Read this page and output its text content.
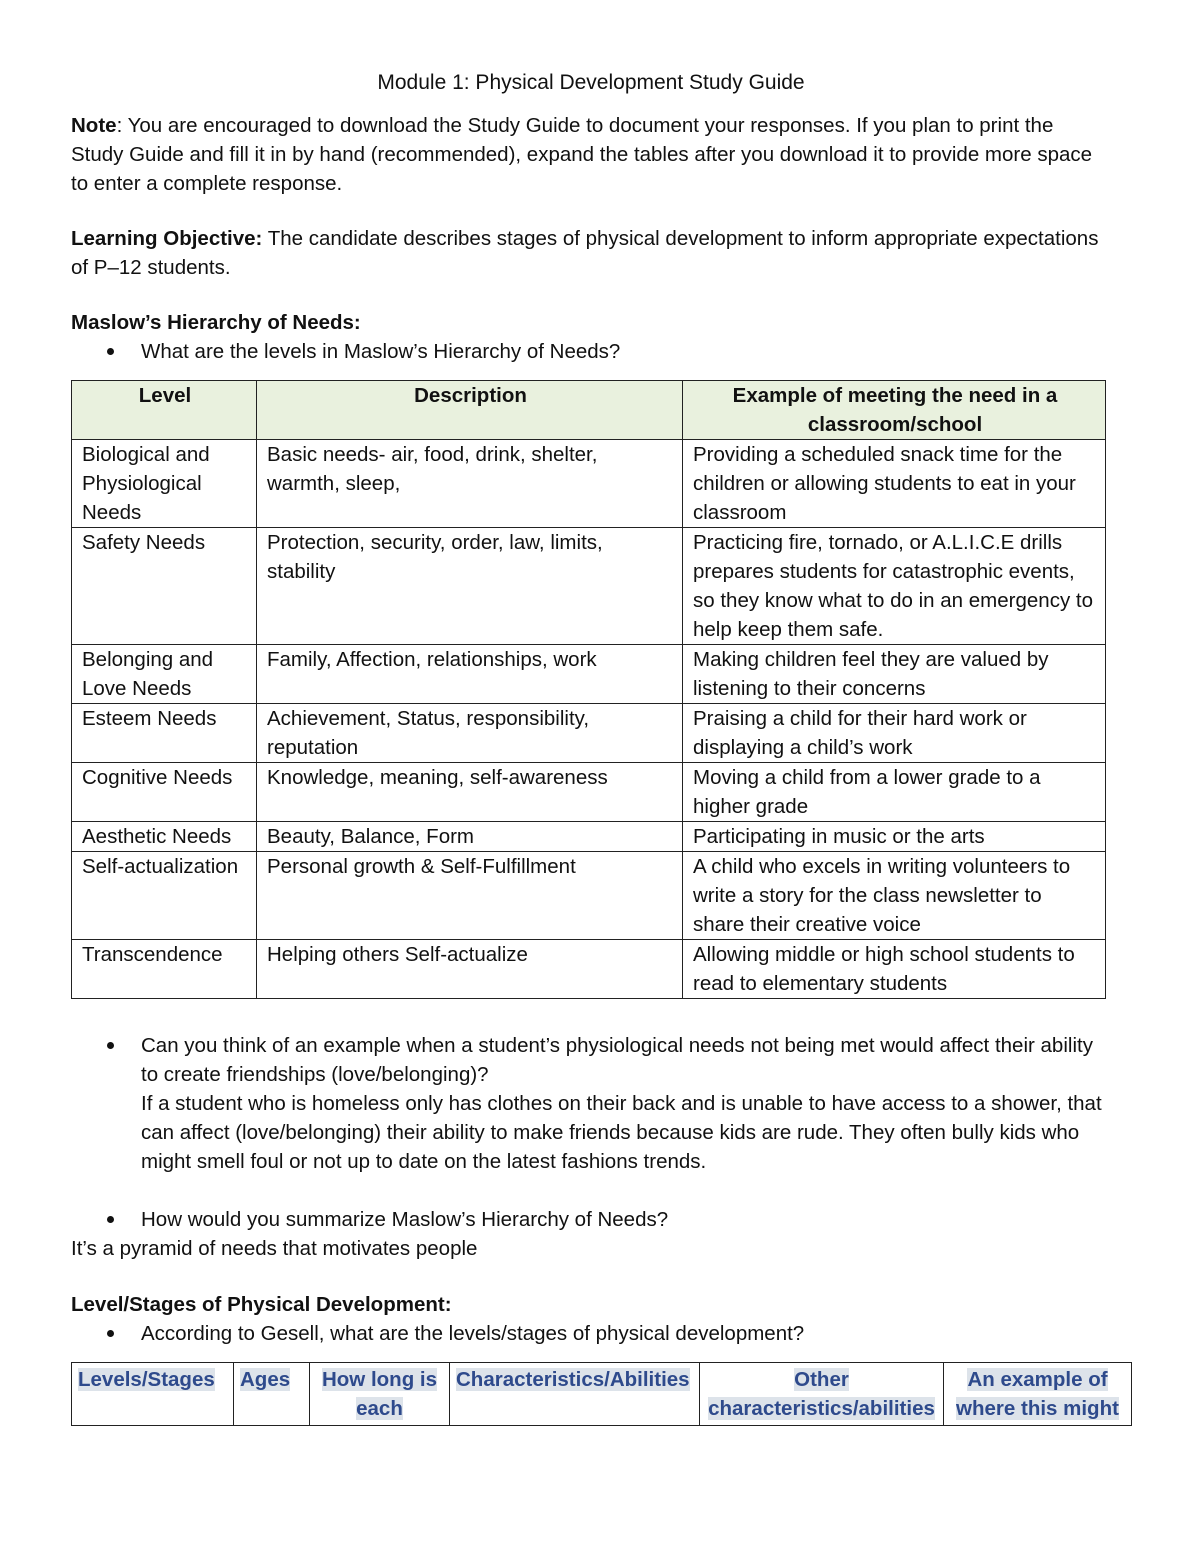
Module 1: Physical Development Study Guide

Note: You are encouraged to download the Study Guide to document your responses. If you plan to print the Study Guide and fill it in by hand (recommended), expand the tables after you download it to provide more space to enter a complete response.

Learning Objective: The candidate describes stages of physical development to inform appropriate expectations of P–12 students.

Maslow’s Hierarchy of Needs:

What are the levels in Maslow’s Hierarchy of Needs?
Level	Description	Example of meeting the need in a classroom/school
Biological and Physiological Needs	Basic needs- air, food, drink, shelter, warmth, sleep,	Providing a scheduled snack time for the children or allowing students to eat in your classroom
Safety Needs	Protection, security, order, law, limits, stability	Practicing fire, tornado, or A.L.I.C.E drills prepares students for catastrophic events, so they know what to do in an emergency to help keep them safe.
Belonging and Love Needs	Family, Affection, relationships, work	Making children feel they are valued by listening to their concerns
Esteem Needs	Achievement, Status, responsibility, reputation	Praising a child for their hard work or displaying a child’s work
Cognitive Needs	Knowledge, meaning, self-awareness	Moving a child from a lower grade to a higher grade
Aesthetic Needs	Beauty, Balance, Form	Participating in music or the arts
Self-actualization	Personal growth & Self-Fulfillment	A child who excels in writing volunteers to write a story for the class newsletter to share their creative voice
Transcendence	Helping others Self-actualize	Allowing middle or high school students to read to elementary students
Can you think of an example when a student’s physiological needs not being met would affect their ability to create friendships (love/belonging)?
If a student who is homeless only has clothes on their back and is unable to have access to a shower, that can affect (love/belonging) their ability to make friends because kids are rude. They often bully kids who might smell foul or not up to date on the latest fashions trends.
How would you summarize Maslow’s Hierarchy of Needs?

It’s a pyramid of needs that motivates people

Level/Stages of Physical Development:

According to Gesell, what are the levels/stages of physical development?
Levels/Stages	Ages	How long is each	Characteristics/Abilities	Other characteristics/abilities	An example of where this might
